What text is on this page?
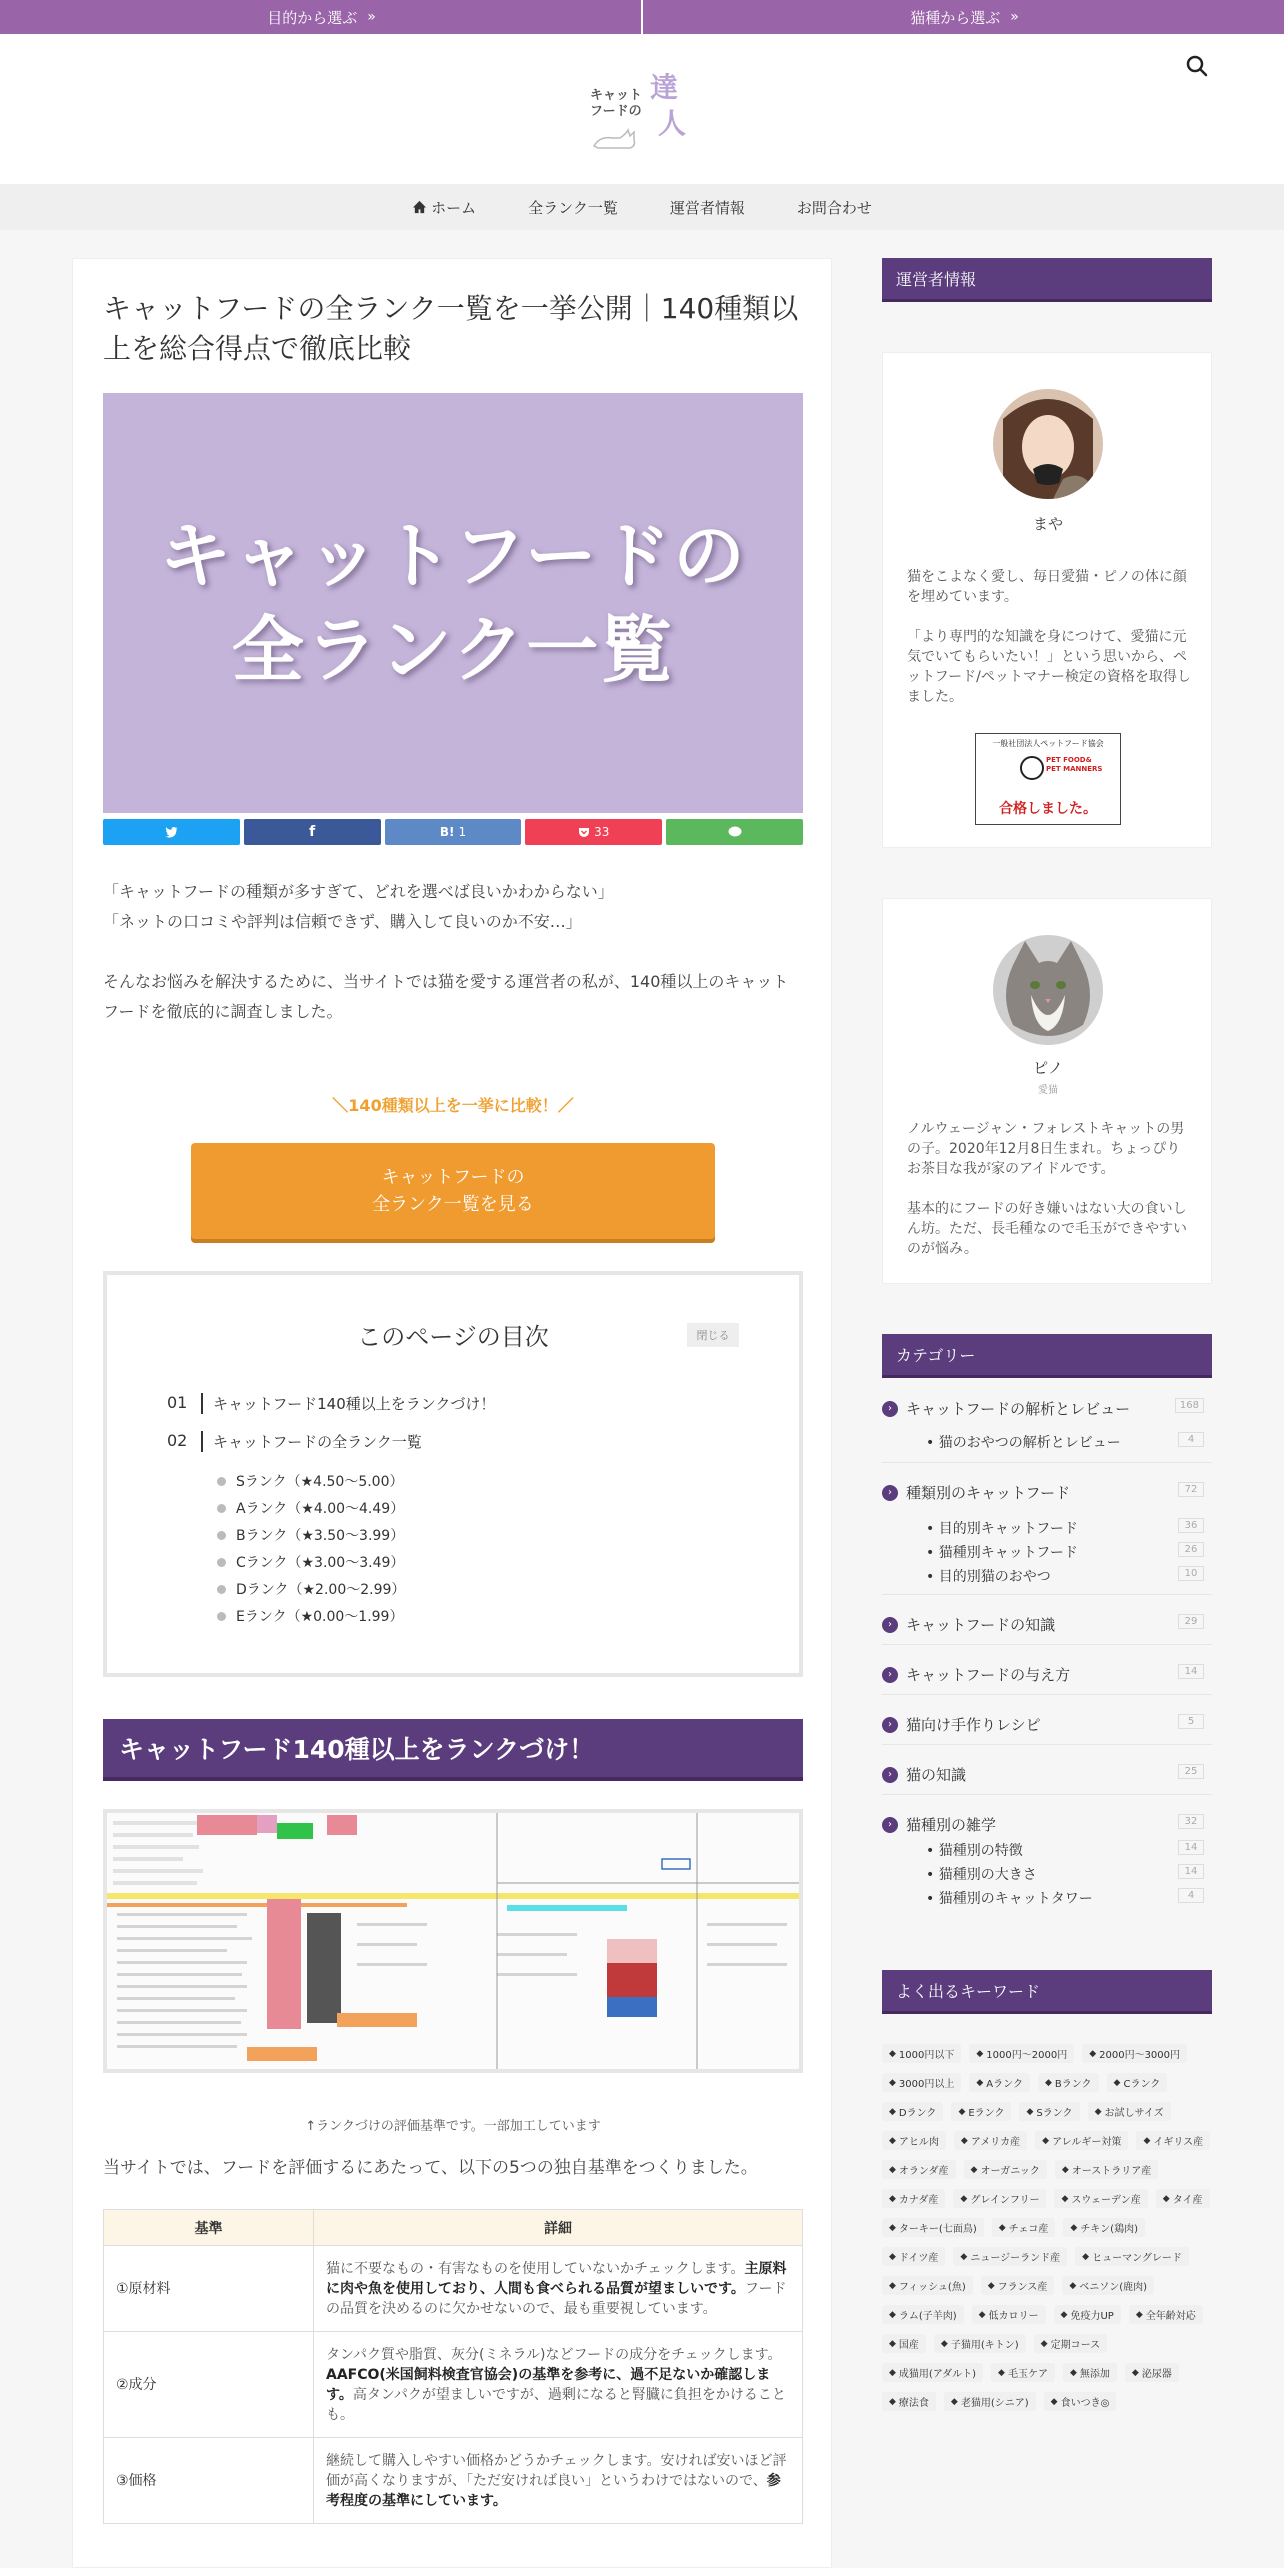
目的から選ぶ »	猫種から選ぶ »
キャット
フードの
達
人
ホーム	全ランク一覧	運営者情報	お問合わせ
キャットフードの全ランク一覧を一挙公開｜140種類以上を総合得点で徹底比較
キャットフードの
全ランク一覧
f	B! 1	33

「キャットフードの種類が多すぎて、どれを選べば良いかわからない」

「ネットの口コミや評判は信頼できず、購入して良いのか不安…」

そんなお悩みを解決するために、当サイトでは猫を愛する運営者の私が、140種以上のキャットフードを徹底的に調査しました。

＼140種類以上を一挙に比較！／
キャットフードの
全ランク一覧を見る
このページの目次	閉じる
01	キャットフード140種以上をランクづけ！
02	キャットフードの全ランク一覧
Sランク（★4.50〜5.00）
Aランク（★4.00〜4.49）
Bランク（★3.50〜3.99）
Cランク（★3.00〜3.49）
Dランク（★2.00〜2.99）
Eランク（★0.00〜1.99）
キャットフード140種以上をランクづけ！
↑ランクづけの評価基準です。一部加工しています
当サイトでは、フードを評価するにあたって、以下の5つの独自基準をつくりました。
基準	詳細
①原材料	猫に不要なもの・有害なものを使用していないかチェックします。主原料に肉や魚を使用しており、人間も食べられる品質が望ましいです。フードの品質を決めるのに欠かせないので、最も重要視しています。
②成分	タンパク質や脂質、灰分(ミネラル)などフードの成分をチェックします。AAFCO(米国飼料検査官協会)の基準を参考に、過不足ないか確認します。高タンパクが望ましいですが、過剰になると腎臓に負担をかけることも。
③価格	継続して購入しやすい価格かどうかチェックします。安ければ安いほど評価が高くなりますが、「ただ安ければ良い」というわけではないので、参考程度の基準にしています。
運営者情報
まや
猫をこよなく愛し、毎日愛猫・ピノの体に顔を埋めています。
「より専門的な知識を身につけて、愛猫に元気でいてもらいたい！」という思いから、ペットフード/ペットマナー検定の資格を取得しました。
一般社団法人ペットフード協会
PET FOOD&
PET MANNERS
合格しました。
ピノ
愛猫
ノルウェージャン・フォレストキャットの男の子。2020年12月8日生まれ。ちょっぴりお茶目な我が家のアイドルです。
基本的にフードの好き嫌いはない大の食いしん坊。ただ、長毛種なので毛玉ができやすいのが悩み。
カテゴリー
› キャットフードの解析とレビュー	168
• 猫のおやつの解析とレビュー	4
› 種類別のキャットフード	72
• 目的別キャットフード	36
• 猫種別キャットフード	26
• 目的別猫のおやつ	10
› キャットフードの知識	29
› キャットフードの与え方	14
› 猫向け手作りレシピ	5
› 猫の知識	25
› 猫種別の雑学	32
• 猫種別の特徴	14
• 猫種別の大きさ	14
• 猫種別のキャットタワー	4
よく出るキーワード
◆ 1000円以下 ◆ 1000円〜2000円 ◆ 2000円〜3000円
◆ 3000円以上 ◆ Aランク ◆ Bランク ◆ Cランク
◆ Dランク ◆ Eランク ◆ Sランク ◆ お試しサイズ
◆ アヒル肉 ◆ アメリカ産 ◆ アレルギー対策 ◆ イギリス産
◆ オランダ産 ◆ オーガニック ◆ オーストラリア産
◆ カナダ産 ◆ グレインフリー ◆ スウェーデン産 ◆ タイ産
◆ ターキー(七面鳥) ◆ チェコ産 ◆ チキン(鶏肉)
◆ ドイツ産 ◆ ニュージーランド産 ◆ ヒューマングレード
◆ フィッシュ(魚) ◆ フランス産 ◆ ベニソン(鹿肉)
◆ ラム(子羊肉) ◆ 低カロリー ◆ 免疫力UP ◆ 全年齢対応
◆ 国産 ◆ 子猫用(キトン) ◆ 定期コース
◆ 成猫用(アダルト) ◆ 毛玉ケア ◆ 無添加 ◆ 泌尿器
◆ 療法食 ◆ 老猫用(シニア) ◆ 食いつき◎
